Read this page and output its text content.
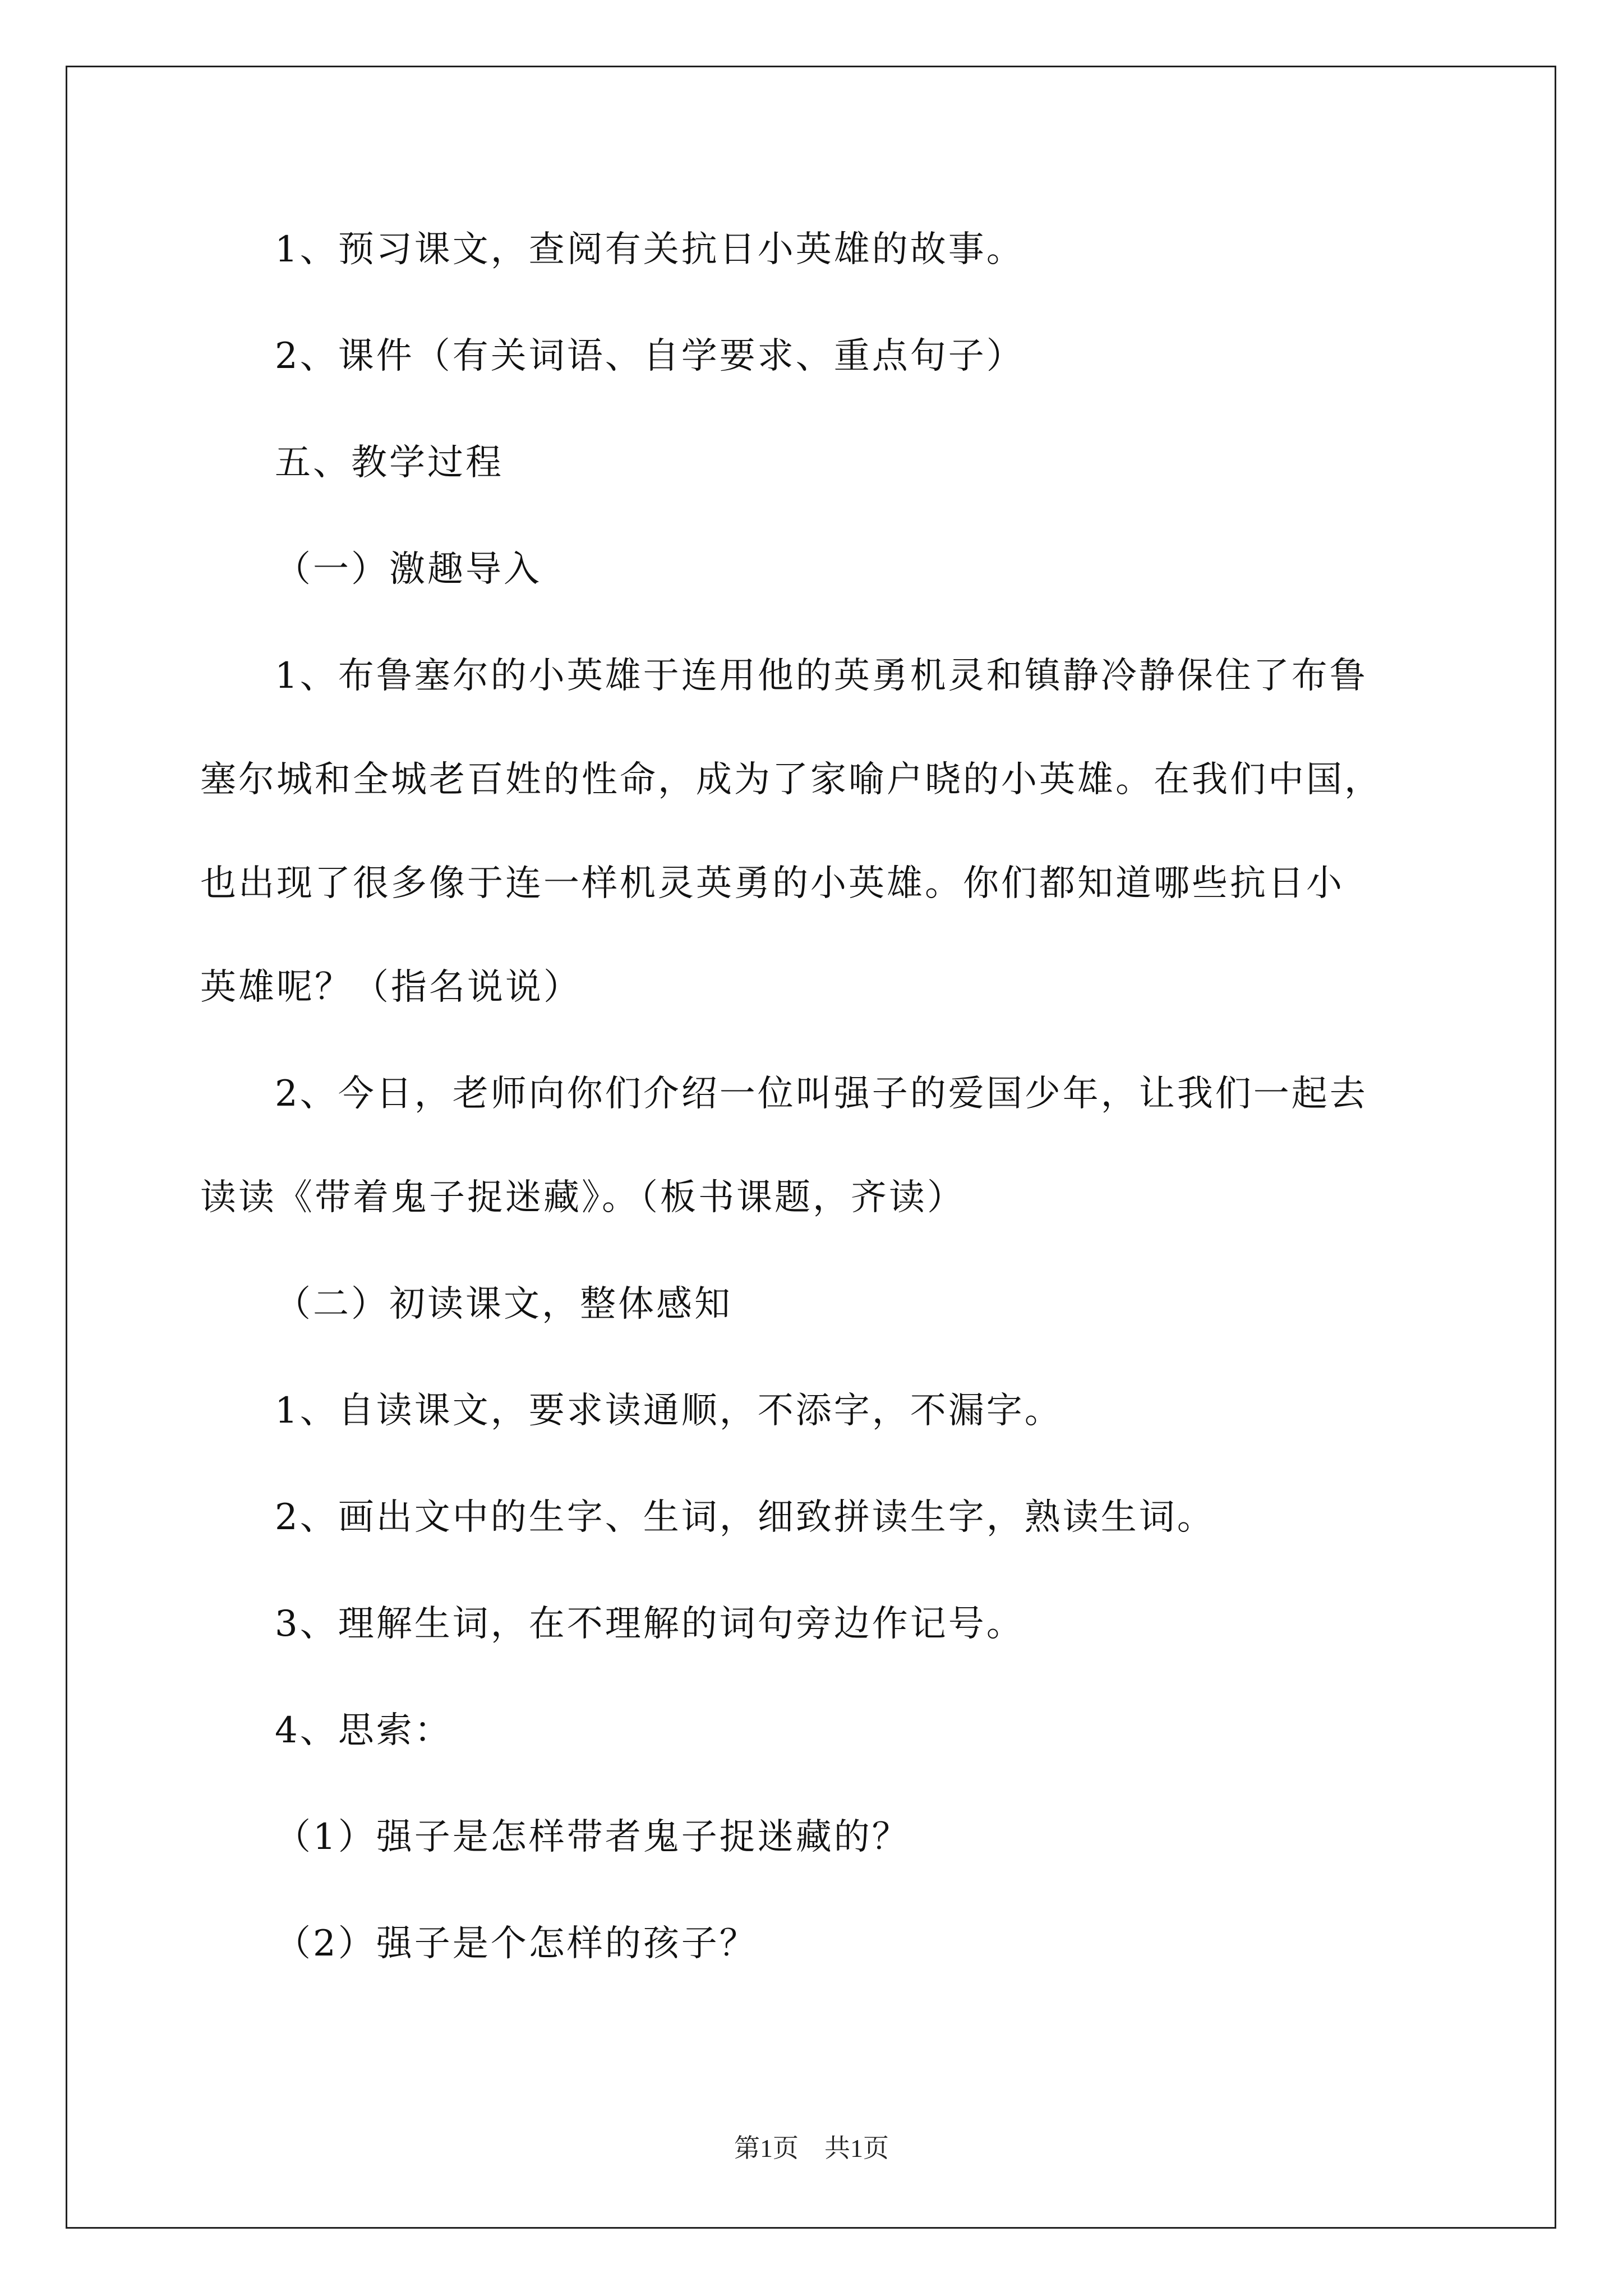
1、预习课文，查阅有关抗日小英雄的故事。
2、课件（有关词语、自学要求、重点句子）
五、教学过程
（一）激趣导入
1、布鲁塞尔的小英雄于连用他的英勇机灵和镇静冷静保住了布鲁
塞尔城和全城老百姓的性命，成为了家喻户晓的小英雄。在我们中国，
也出现了很多像于连一样机灵英勇的小英雄。你们都知道哪些抗日小
英雄呢？（指名说说）
2、今日，老师向你们介绍一位叫强子的爱国少年，让我们一起去
读读《带着鬼子捉迷藏》。（板书课题，齐读）
（二）初读课文，整体感知
1、自读课文，要求读通顺，不添字，不漏字。
2、画出文中的生字、生词，细致拼读生字，熟读生词。
3、理解生词，在不理解的词句旁边作记号。
4、思索：
（1）强子是怎样带者鬼子捉迷藏的？
（2）强子是个怎样的孩子？
第1页　共1页
